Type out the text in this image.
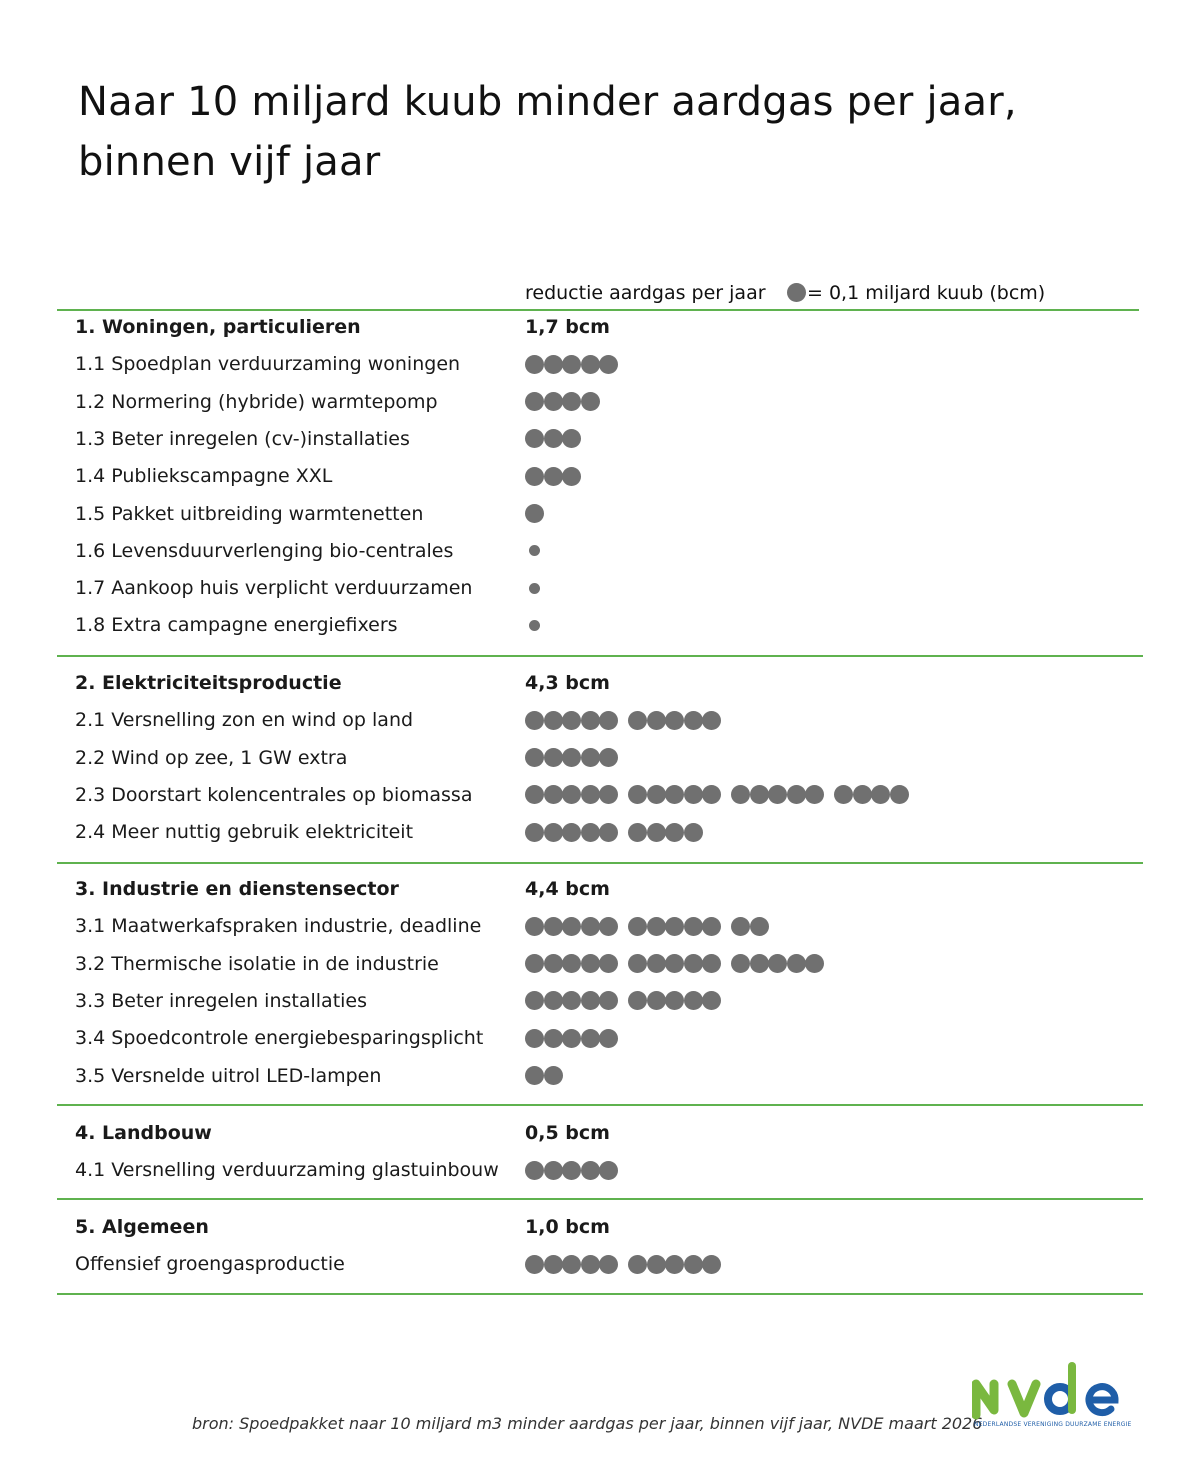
Naar 10 miljard kuub minder aardgas per jaar,
binnen vijf jaar
reductie aardgas per jaar = 0,1 miljard kuub (bcm)
1. Woningen, particulieren	1,7 bcm
1.1 Spoedplan verduurzaming woningen
1.2 Normering (hybride) warmtepomp
1.3 Beter inregelen (cv-)installaties
1.4 Publiekscampagne XXL
1.5 Pakket uitbreiding warmtenetten
1.6 Levensduurverlenging bio-centrales
1.7 Aankoop huis verplicht verduurzamen
1.8 Extra campagne energiefixers
2. Elektriciteitsproductie	4,3 bcm
2.1 Versnelling zon en wind op land
2.2 Wind op zee, 1 GW extra
2.3 Doorstart kolencentrales op biomassa
2.4 Meer nuttig gebruik elektriciteit
3. Industrie en dienstensector	4,4 bcm
3.1 Maatwerkafspraken industrie, deadline
3.2 Thermische isolatie in de industrie
3.3 Beter inregelen installaties
3.4 Spoedcontrole energiebesparingsplicht
3.5 Versnelde uitrol LED-lampen
4. Landbouw	0,5 bcm
4.1 Versnelling verduurzaming glastuinbouw
5. Algemeen	1,0 bcm
Offensief groengasproductie
bron: Spoedpakket naar 10 miljard m3 minder aardgas per jaar, binnen vijf jaar, NVDE maart 2026
NEDERLANDSE VERENIGING DUURZAME ENERGIE
